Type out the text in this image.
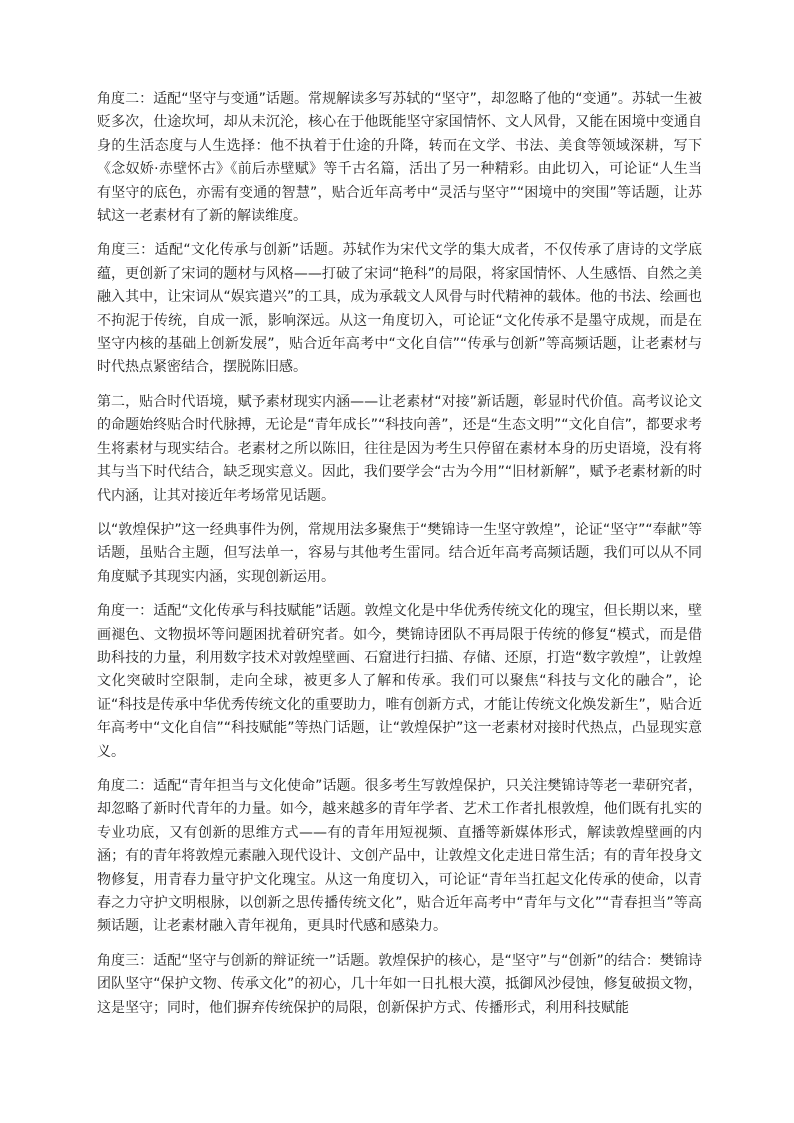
角度二：适配“坚守与变通”话题。常规解读多写苏轼的“坚守”，却忽略了他的“变通”。苏轼一生被贬多次，仕途坎坷，却从未沉沦，核心在于他既能坚守家国情怀、文人风骨，又能在困境中变通自身的生活态度与人生选择：他不执着于仕途的升降，转而在文学、书法、美食等领域深耕，写下《念奴娇·赤壁怀古》《前后赤壁赋》等千古名篇，活出了另一种精彩。由此切入，可论证“人生当有坚守的底色，亦需有变通的智慧”，贴合近年高考中“灵活与坚守”“困境中的突围”等话题，让苏轼这一老素材有了新的解读维度。

角度三：适配“文化传承与创新”话题。苏轼作为宋代文学的集大成者，不仅传承了唐诗的文学底蕴，更创新了宋词的题材与风格——打破了宋词“艳科”的局限，将家国情怀、人生感悟、自然之美融入其中，让宋词从“娱宾遣兴”的工具，成为承载文人风骨与时代精神的载体。他的书法、绘画也不拘泥于传统，自成一派，影响深远。从这一角度切入，可论证“文化传承不是墨守成规，而是在坚守内核的基础上创新发展”，贴合近年高考中“文化自信”“传承与创新”等高频话题，让老素材与时代热点紧密结合，摆脱陈旧感。

第二，贴合时代语境，赋予素材现实内涵——让老素材“对接”新话题，彰显时代价值。高考议论文的命题始终贴合时代脉搏，无论是“青年成长”“科技向善”，还是“生态文明”“文化自信”，都要求考生将素材与现实结合。老素材之所以陈旧，往往是因为考生只停留在素材本身的历史语境，没有将其与当下时代结合，缺乏现实意义。因此，我们要学会“古为今用”“旧材新解”，赋予老素材新的时代内涵，让其对接近年考场常见话题。

以“敦煌保护”这一经典事件为例，常规用法多聚焦于“樊锦诗一生坚守敦煌”，论证“坚守”“奉献”等话题，虽贴合主题，但写法单一，容易与其他考生雷同。结合近年高考高频话题，我们可以从不同角度赋予其现实内涵，实现创新运用。

角度一：适配“文化传承与科技赋能”话题。敦煌文化是中华优秀传统文化的瑰宝，但长期以来，壁画褪色、文物损坏等问题困扰着研究者。如今，樊锦诗团队不再局限于传统的修复“模式，而是借助科技的力量，利用数字技术对敦煌壁画、石窟进行扫描、存储、还原，打造“数字敦煌”，让敦煌文化突破时空限制，走向全球，被更多人了解和传承。我们可以聚焦“科技与文化的融合”，论证“科技是传承中华优秀传统文化的重要助力，唯有创新方式，才能让传统文化焕发新生”，贴合近年高考中“文化自信”“科技赋能”等热门话题，让“敦煌保护”这一老素材对接时代热点，凸显现实意义。

角度二：适配“青年担当与文化使命”话题。很多考生写敦煌保护，只关注樊锦诗等老一辈研究者，却忽略了新时代青年的力量。如今，越来越多的青年学者、艺术工作者扎根敦煌，他们既有扎实的专业功底，又有创新的思维方式——有的青年用短视频、直播等新媒体形式，解读敦煌壁画的内涵；有的青年将敦煌元素融入现代设计、文创产品中，让敦煌文化走进日常生活；有的青年投身文物修复，用青春力量守护文化瑰宝。从这一角度切入，可论证“青年当扛起文化传承的使命，以青春之力守护文明根脉，以创新之思传播传统文化”，贴合近年高考中“青年与文化”“青春担当”等高频话题，让老素材融入青年视角，更具时代感和感染力。

角度三：适配“坚守与创新的辩证统一”话题。敦煌保护的核心，是“坚守”与“创新”的结合：樊锦诗团队坚守“保护文物、传承文化”的初心，几十年如一日扎根大漠，抵御风沙侵蚀，修复破损文物，这是坚守；同时，他们摒弃传统保护的局限，创新保护方式、传播形式，利用科技赋能
